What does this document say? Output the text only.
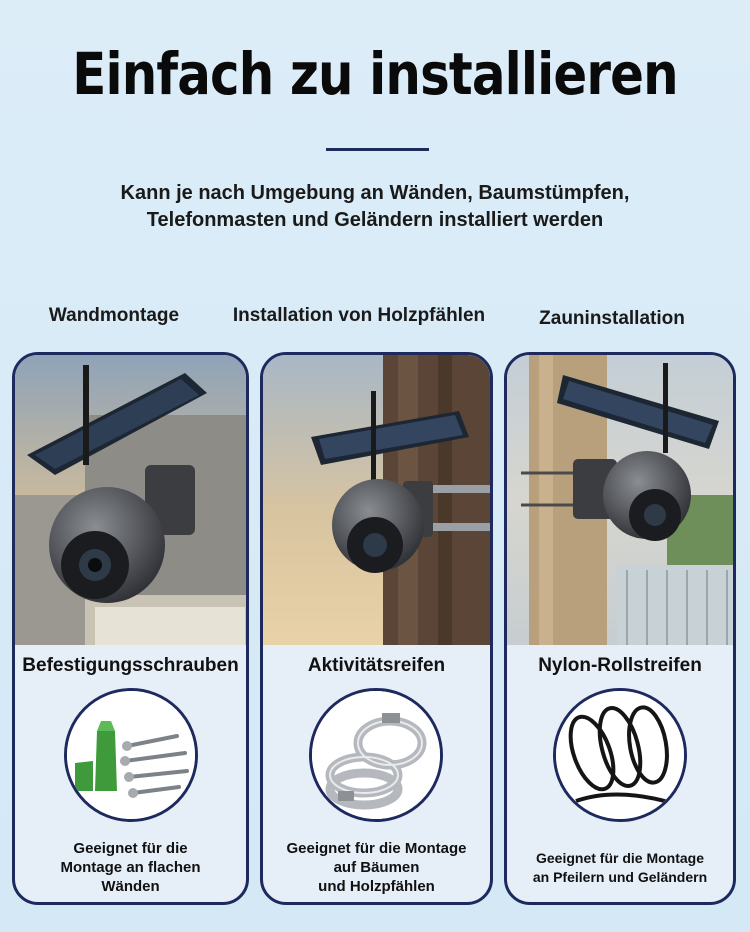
Einfach zu installieren
Kann je nach Umgebung an Wänden, Baumstümpfen,
Telefonmasten und Geländern installiert werden
Wandmontage	Installation von Holzpfählen	Zauninstallation
Befestigungsschrauben
Geeignet für die
Montage an flachen
Wänden
Aktivitätsreifen
Geeignet für die Montage
auf Bäumen
und Holzpfählen
Nylon-Rollstreifen
Geeignet für die Montage
an Pfeilern und Geländern
